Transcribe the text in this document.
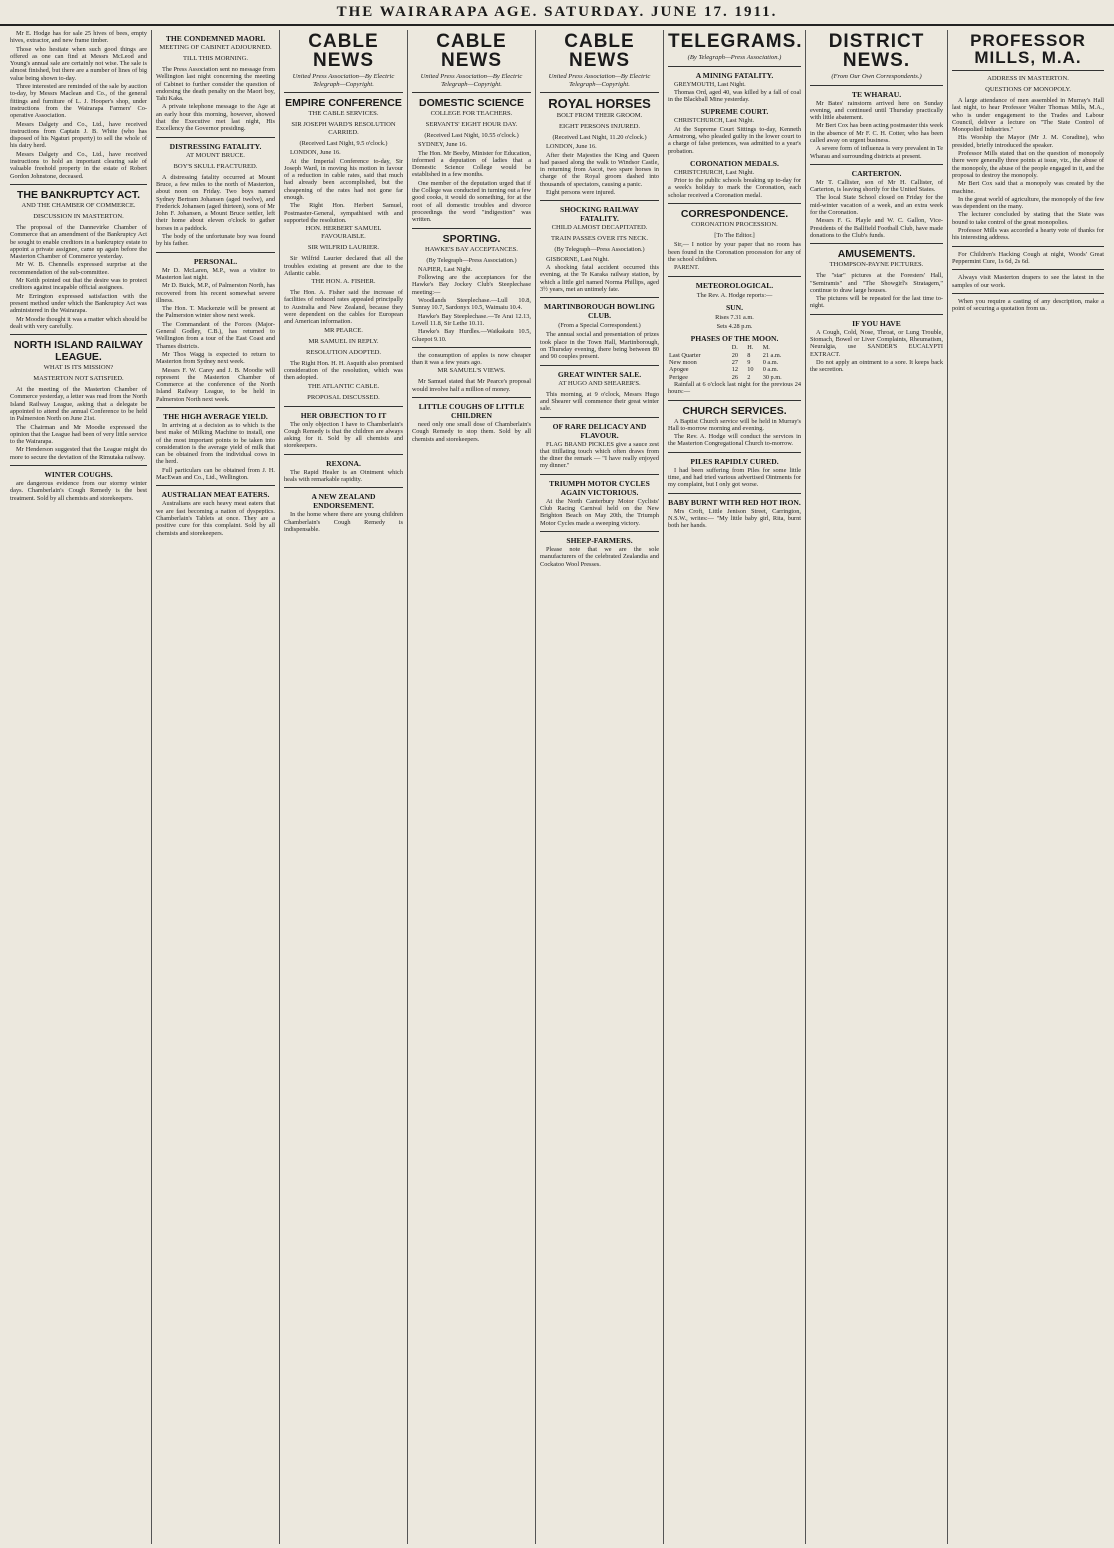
THE WAIRARAPA AGE. SATURDAY. JUNE 17. 1911.

Mr E. Hodge has for sale 25 hives of bees, empty hives, extractor, and new frame timber.

Those who hesitate when such good things are offered as one can find at Messrs McLeod and Young's annual sale are certainly not wise. The sale is almost finished, but there are a number of lines of big value being shown to-day.

Three interested are reminded of the sale by auction to-day, by Messrs Maclean and Co., of the general fittings and furniture of L. J. Hooper's shop, under instructions from the Wairarapa Farmers' Co-operative Association.

Messrs Dalgety and Co., Ltd., have received instructions from Captain J. B. White (who has disposed of his Ngaturi property) to sell the whole of his dairy herd.

Messrs Dalgety and Co., Ltd., have received instructions to hold an important clearing sale of valuable freehold property in the estate of Robert Gordon Johnstone, deceased.

THE BANKRUPTCY ACT.
AND THE CHAMBER OF COMMERCE.
DISCUSSION IN MASTERTON.

The proposal of the Dannevirke Chamber of Commerce that an amendment of the Bankruptcy Act be sought to enable creditors in a bankruptcy estate to appoint a private assignee, came up again before the Masterton Chamber of Commerce yesterday.

Mr W. B. Chennells expressed surprise at the recommendation of the sub-committee.

Mr Keith pointed out that the desire was to protect creditors against incapable official assignees.

Mr Errington expressed satisfaction with the present method under which the Bankruptcy Act was administered in the Wairarapa.

Mr Moodie thought it was a matter which should be dealt with very carefully.

NORTH ISLAND RAILWAY LEAGUE.
WHAT IS ITS MISSION?
MASTERTON NOT SATISFIED.

At the meeting of the Masterton Chamber of Commerce yesterday, a letter was read from the North Island Railway League, asking that a delegate be appointed to attend the annual Conference to be held in Palmerston North on June 21st.

The Chairman and Mr Moodie expressed the opinion that the League had been of very little service to the Wairarapa.

Mr Henderson suggested that the League might do more to secure the deviation of the Rimutaka railway.

WINTER COUGHS.

are dangerous evidence from our stormy winter days. Chamberlain's Cough Remedy is the best treatment. Sold by all chemists and storekeepers.

THE CONDEMNED MAORI.
MEETING OF CABINET ADJOURNED.
TILL THIS MORNING.

The Press Association sent no message from Wellington last night concerning the meeting of Cabinet to further consider the question of endorsing the death penalty on the Maori boy, Tahi Kaka.

A private telephone message to the Age at an early hour this morning, however, showed that the Executive met last night, His Excellency the Governor presiding.

DISTRESSING FATALITY.
AT MOUNT BRUCE.
BOY'S SKULL FRACTURED.

A distressing fatality occurred at Mount Bruce, a few miles to the north of Masterton, about noon on Friday. Two boys named Sydney Bertram Johansen (aged twelve), and Frederick Johansen (aged thirteen), sons of Mr John F. Johansen, a Mount Bruce settler, left their home about eleven o'clock to gather horses in a paddock.

The body of the unfortunate boy was found by his father.

PERSONAL.

Mr D. McLaren, M.P., was a visitor to Masterton last night.

Mr D. Buick, M.P., of Palmerston North, has recovered from his recent somewhat severe illness.

The Hon. T. Mackenzie will be present at the Palmerston winter show next week.

The Commandant of the Forces (Major-General Godley, C.B.), has returned to Wellington from a tour of the East Coast and Thames districts.

Mr Thos Wagg is expected to return to Masterton from Sydney next week.

Messrs F. W. Carey and J. B. Moodie will represent the Masterton Chamber of Commerce at the conference of the North Island Railway League, to be held in Palmerston North next week.

THE HIGH AVERAGE YIELD.

In arriving at a decision as to which is the best make of Milking Machine to install, one of the most important points to be taken into consideration is the average yield of milk that can be obtained from the individual cows in the herd.

Full particulars can be obtained from J. H. MacEwan and Co., Ltd., Wellington.

AUSTRALIAN MEAT EATERS.

Australians are such heavy meat eaters that we are fast becoming a nation of dyspeptics. Chamberlain's Tablets at once. They are a positive cure for this complaint. Sold by all chemists and storekeepers.

CABLE NEWS
United Press Association—By Electric Telegraph—Copyright.
EMPIRE CONFERENCE
THE CABLE SERVICES.
SIR JOSEPH WARD'S RESOLUTION CARRIED.
(Received Last Night, 9.5 o'clock.)

LONDON, June 16.

At the Imperial Conference to-day, Sir Joseph Ward, in moving his motion in favour of a reduction in cable rates, said that much had already been accomplished, but the cheapening of the rates had not gone far enough.

The Right Hon. Herbert Samuel, Postmaster-General, sympathised with and supported the resolution.

HON. HERBERT SAMUEL FAVOURABLE.
SIR WILFRID LAURIER.

Sir Wilfrid Laurier declared that all the troubles existing at present are due to the Atlantic cable.

THE HON. A. FISHER.

The Hon. A. Fisher said the increase of facilities of reduced rates appealed principally to Australia and New Zealand, because they were dependent on the cables for European and American information.

MR PEARCE.
MR SAMUEL IN REPLY.
RESOLUTION ADOPTED.

The Right Hon. H. H. Asquith also promised consideration of the resolution, which was then adopted.

THE ATLANTIC CABLE.
PROPOSAL DISCUSSED.
HER OBJECTION TO IT

The only objection I have to Chamberlain's Cough Remedy is that the children are always asking for it. Sold by all chemists and storekeepers.

REXONA.

The Rapid Healer is an Ointment which heals with remarkable rapidity.

A NEW ZEALAND ENDORSEMENT.

In the home where there are young children Chamberlain's Cough Remedy is indispensable.

CABLE NEWS
United Press Association—By Electric Telegraph—Copyright.
DOMESTIC SCIENCE
COLLEGE FOR TEACHERS.
SERVANTS' EIGHT HOUR DAY.
(Received Last Night, 10.55 o'clock.)

SYDNEY, June 16.

The Hon. Mr Beeby, Minister for Education, informed a deputation of ladies that a Domestic Science College would be established in a few months.

One member of the deputation urged that if the College was conducted in turning out a few good cooks, it would do something, for at the root of all domestic troubles and divorce proceedings the word "indigestion" was written.

SPORTING.
HAWKE'S BAY ACCEPTANCES.
(By Telegraph—Press Association.)

NAPIER, Last Night.

Following are the acceptances for the Hawke's Bay Jockey Club's Steeplechase meeting:—

Woodlands Steeplechase.—Lull 10.8, Sunray 10.7, Sardonyx 10.5, Waimaiu 10.4.

Hawke's Bay Steeplechase.—Te Arai 12.13, Lovell 11.8, Sir Lethe 10.11.

Hawke's Bay Hurdles.—Waikakaiu 10.5, Gluepot 9.10.

the consumption of apples is now cheaper than it was a few years ago.

MR SAMUEL'S VIEWS.

Mr Samuel stated that Mr Pearce's proposal would involve half a million of money.

LITTLE COUGHS OF LITTLE CHILDREN

need only one small dose of Chamberlain's Cough Remedy to stop them. Sold by all chemists and storekeepers.

CABLE NEWS
United Press Association—By Electric Telegraph—Copyright.
ROYAL HORSES
BOLT FROM THEIR GROOM.
EIGHT PERSONS INJURED.
(Received Last Night, 11.20 o'clock.)

LONDON, June 16.

After their Majesties the King and Queen had passed along the walk to Windsor Castle, in returning from Ascot, two spare horses in charge of the Royal groom dashed into thousands of spectators, causing a panic.

Eight persons were injured.

SHOCKING RAILWAY FATALITY.
CHILD ALMOST DECAPITATED.
TRAIN PASSES OVER ITS NECK.
(By Telegraph—Press Association.)

GISBORNE, Last Night.

A shocking fatal accident occurred this evening, at the Te Karaka railway station, by which a little girl named Norma Phillips, aged 3½ years, met an untimely fate.

MARTINBOROUGH BOWLING CLUB.
(From a Special Correspondent.)

The annual social and presentation of prizes took place in the Town Hall, Martinborough, on Thursday evening, there being between 80 and 90 couples present.

GREAT WINTER SALE.
AT HUGO AND SHEARER'S.

This morning, at 9 o'clock, Messrs Hugo and Shearer will commence their great winter sale.

OF RARE DELICACY AND FLAVOUR.

FLAG BRAND PICKLES give a sauce zest that titillating touch which often draws from the diner the remark — "I have really enjoyed my dinner."

TRIUMPH MOTOR CYCLES AGAIN VICTORIOUS.

At the North Canterbury Motor Cyclists' Club Racing Carnival held on the New Brighton Beach on May 20th, the Triumph Motor Cycles made a sweeping victory.

SHEEP-FARMERS.

Please note that we are the sole manufacturers of the celebrated Zealandia and Cockatoo Wool Presses.

TELEGRAMS.
(By Telegraph—Press Association.)
A MINING FATALITY.

GREYMOUTH, Last Night.

Thomas Ord, aged 40, was killed by a fall of coal in the Blackball Mine yesterday.

SUPREME COURT.

CHRISTCHURCH, Last Night.

At the Supreme Court Sittings to-day, Kenneth Armstrong, who pleaded guilty in the lower court to a charge of false pretences, was admitted to a year's probation.

CORONATION MEDALS.

CHRISTCHURCH, Last Night.

Prior to the public schools breaking up to-day for a week's holiday to mark the Coronation, each scholar received a Coronation medal.

CORRESPONDENCE.
CORONATION PROCESSION.
[To The Editor.]

Sir,— I notice by your paper that no room has been found in the Coronation procession for any of the school children.

PARENT.

METEOROLOGICAL.
The Rev. A. Hodge reports:—
SUN.
Rises 7.31 a.m.
Sets 4.28 p.m.
PHASES OF THE MOON.
	D.	H.	M.
Last Quarter	20	8	21 a.m.
New moon	27	9	0 a.m.
Apogee	12	10	0 a.m.
Perigee	26	2	30 p.m.

Rainfall at 6 o'clock last night for the previous 24 hours:—

CHURCH SERVICES.

A Baptist Church service will be held in Murray's Hall to-morrow morning and evening.

The Rev. A. Hodge will conduct the services in the Masterton Congregational Church to-morrow.

PILES RAPIDLY CURED.

I had been suffering from Piles for some little time, and had tried various advertised Ointments for my complaint, but I only got worse.

BABY BURNT WITH RED HOT IRON.

Mrs Croft, Little Jenison Street, Carrington, N.S.W., writes:— "My little baby girl, Rita, burnt both her hands.

DISTRICT NEWS.
(From Our Own Correspondents.)
TE WHARAU.

Mr Bates' rainstorm arrived here on Sunday evening, and continued until Thursday practically with little abatement.

Mr Bert Cox has been acting postmaster this week in the absence of Mr F. C. H. Cotter, who has been called away on urgent business.

A severe form of influenza is very prevalent in Te Wharau and surrounding districts at present.

CARTERTON.

Mr T. Callister, son of Mr H. Callister, of Carterton, is leaving shortly for the United States.

The local State School closed on Friday for the mid-winter vacation of a week, and an extra week for the Coronation.

Messrs F. G. Playle and W. C. Gallon, Vice-Presidents of the Ballfield Football Club, have made donations to the Club's funds.

AMUSEMENTS.
THOMPSON-PAYNE PICTURES.

The "star" pictures at the Foresters' Hall, "Semiramis" and "The Showgirl's Stratagem," continue to draw large houses.

The pictures will be repeated for the last time to-night.

IF YOU HAVE

A Cough, Cold, Nose, Throat, or Lung Trouble, Stomach, Bowel or Liver Complaints, Rheumatism, Neuralgia, use SANDER'S EUCALYPTI EXTRACT.

Do not apply an ointment to a sore. It keeps back the secretion.

PROFESSOR MILLS, M.A.
ADDRESS IN MASTERTON.
QUESTIONS OF MONOPOLY.

A large attendance of men assembled in Murray's Hall last night, to hear Professor Walter Thomas Mills, M.A., who is under engagement to the Trades and Labour Council, deliver a lecture on "The State Control of Monopolied Industries."

His Worship the Mayor (Mr J. M. Coradine), who presided, briefly introduced the speaker.

Professor Mills stated that on the question of monopoly there were generally three points at issue, viz., the abuse of the monopoly, the abuse of the people engaged in it, and the proposal to destroy the monopoly.

Mr Bert Cox said that a monopoly was created by the machine.

In the great world of agriculture, the monopoly of the few was dependent on the many.

The lecturer concluded by stating that the State was bound to take control of the great monopolies.

Professor Mills was accorded a hearty vote of thanks for his interesting address.

For Children's Hacking Cough at night, Woods' Great Peppermint Cure, 1s 6d, 2s 6d.

Always visit Masterton drapers to see the latest in the samples of our work.

When you require a casting of any description, make a point of securing a quotation from us.
